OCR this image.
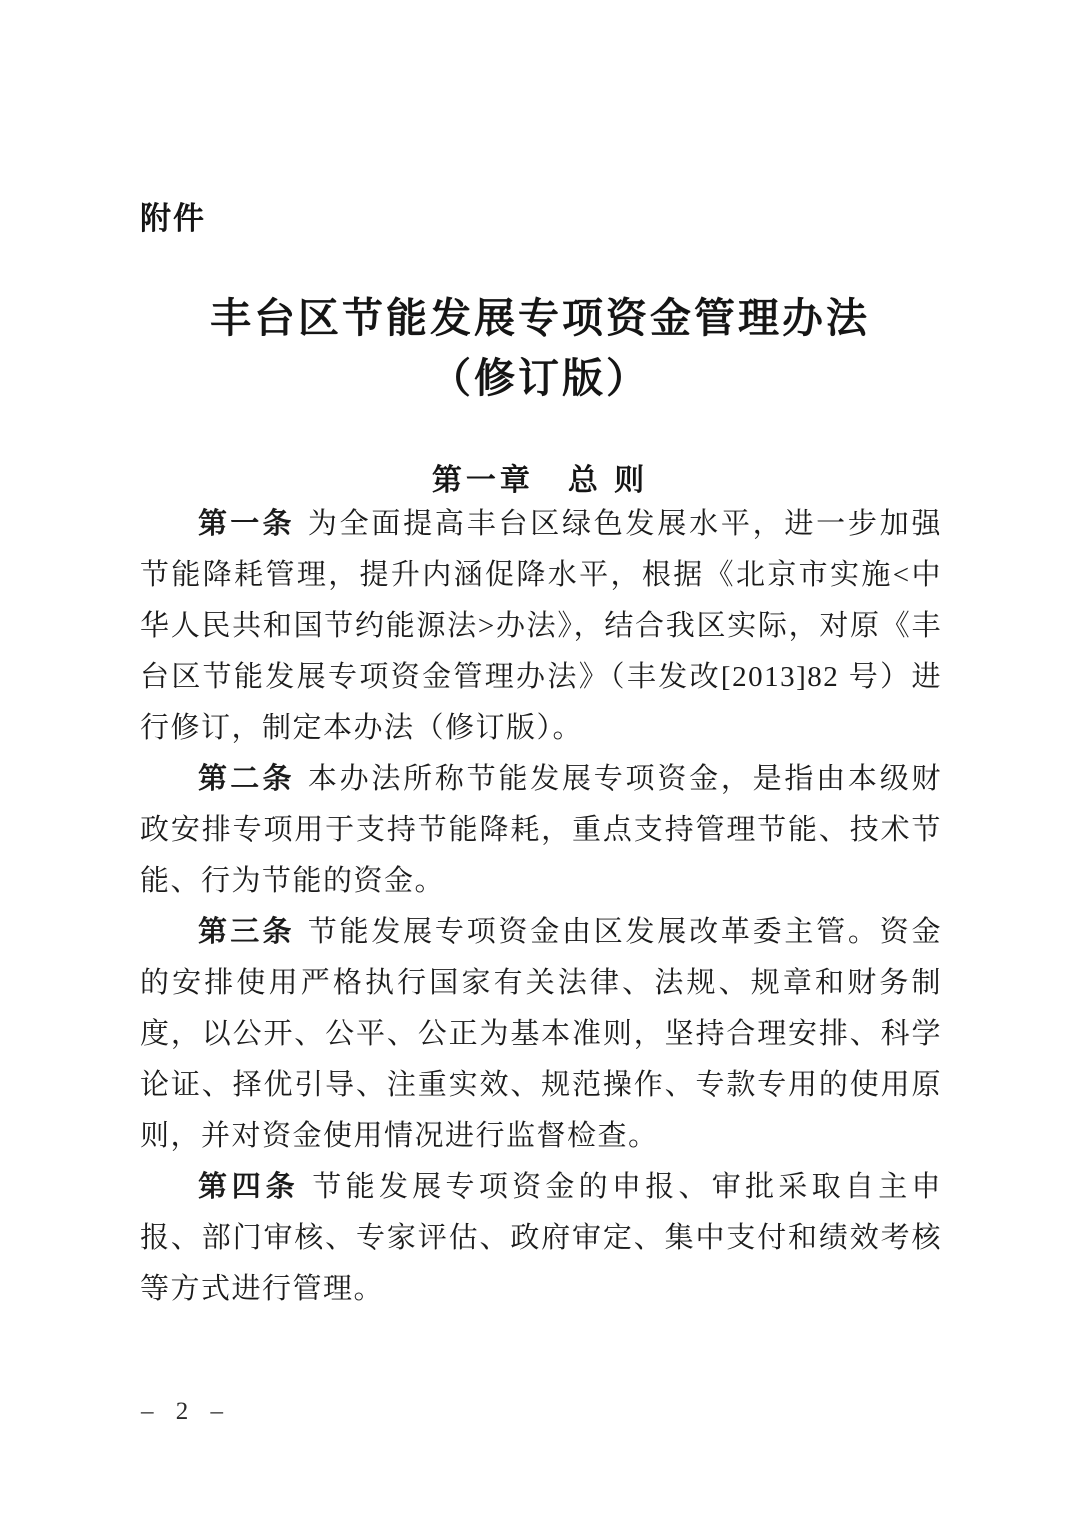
附件
丰台区节能发展专项资金管理办法
（修订版）
第一章　总 则

第一条 为全面提高丰台区绿色发展水平，进一步加强节能降耗管理，提升内涵促降水平，根据《北京市实施<中华人民共和国节约能源法>办法》，结合我区实际，对原《丰台区节能发展专项资金管理办法》（丰发改[2013]82 号）进行修订，制定本办法（修订版）。

第二条 本办法所称节能发展专项资金，是指由本级财政安排专项用于支持节能降耗，重点支持管理节能、技术节能、行为节能的资金。

第三条 节能发展专项资金由区发展改革委主管。资金的安排使用严格执行国家有关法律、法规、规章和财务制度，以公开、公平、公正为基本准则，坚持合理安排、科学论证、择优引导、注重实效、规范操作、专款专用的使用原则，并对资金使用情况进行监督检查。

第四条 节能发展专项资金的申报、审批采取自主申报、部门审核、专家评估、政府审定、集中支付和绩效考核等方式进行管理。

– 2 –
